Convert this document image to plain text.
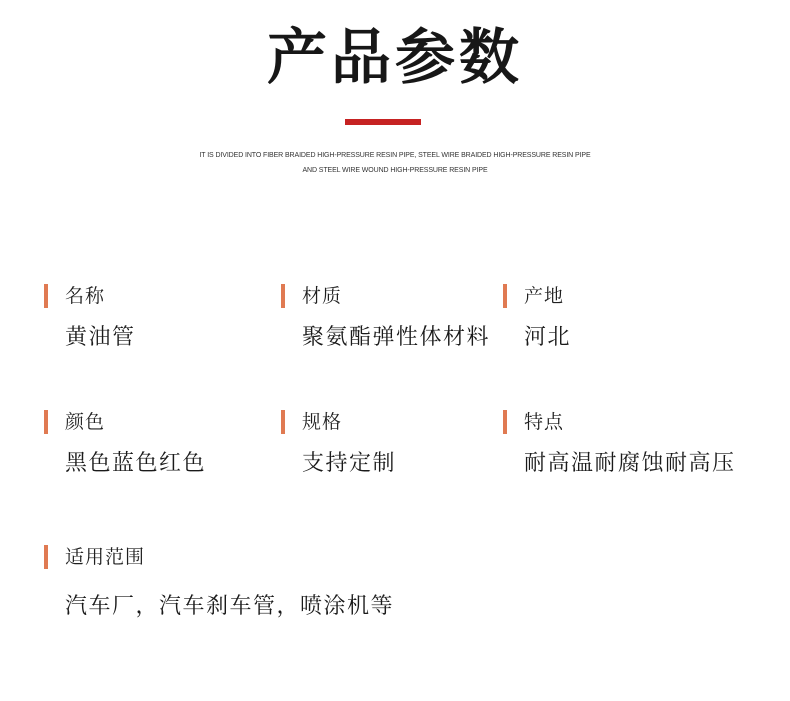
产品参数
IT IS DIVIDED INTO FIBER BRAIDED HIGH-PRESSURE RESIN PIPE, STEEL WIRE BRAIDED HIGH-PRESSURE RESIN PIPE
AND STEEL WIRE WOUND HIGH-PRESSURE RESIN PIPE
名称
黄油管
材质
聚氨酯弹性体材料
产地
河北
颜色
黑色蓝色红色
规格
支持定制
特点
耐高温耐腐蚀耐高压
适用范围
汽车厂，汽车刹车管，喷涂机等
